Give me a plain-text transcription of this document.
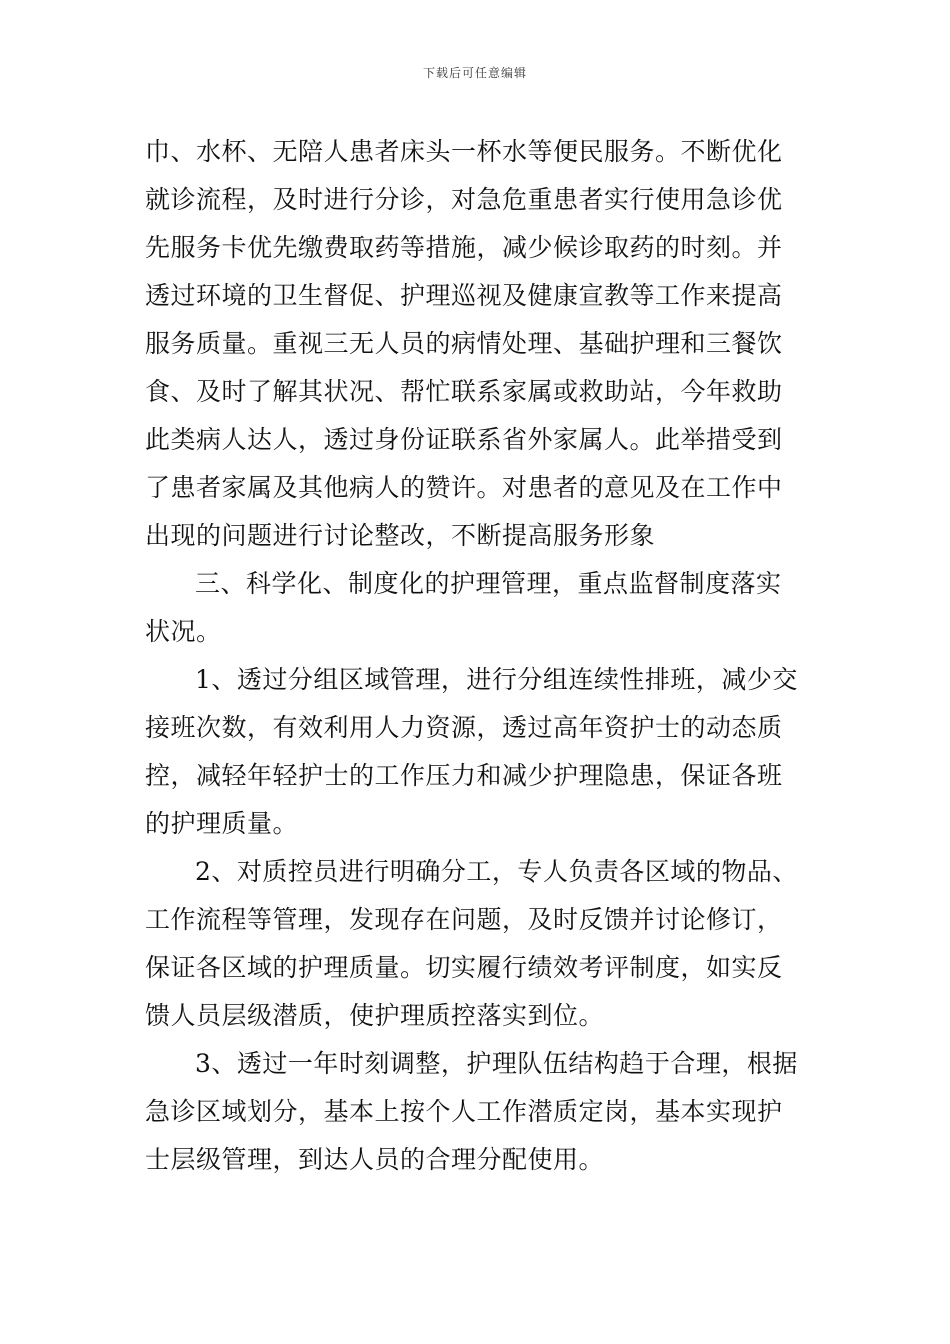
下载后可任意编辑
巾、水杯、无陪人患者床头一杯水等便民服务。不断优化
就诊流程，及时进行分诊，对急危重患者实行使用急诊优
先服务卡优先缴费取药等措施，减少候诊取药的时刻。并
透过环境的卫生督促、护理巡视及健康宣教等工作来提高
服务质量。重视三无人员的病情处理、基础护理和三餐饮
食、及时了解其状况、帮忙联系家属或救助站，今年救助
此类病人达人，透过身份证联系省外家属人。此举措受到
了患者家属及其他病人的赞许。对患者的意见及在工作中
出现的问题进行讨论整改，不断提高服务形象
三、科学化、制度化的护理管理，重点监督制度落实
状况。
1、透过分组区域管理，进行分组连续性排班，减少交
接班次数，有效利用人力资源，透过高年资护士的动态质
控，减轻年轻护士的工作压力和减少护理隐患，保证各班
的护理质量。
2、对质控员进行明确分工，专人负责各区域的物品、
工作流程等管理，发现存在问题，及时反馈并讨论修订，
保证各区域的护理质量。切实履行绩效考评制度，如实反
馈人员层级潜质，使护理质控落实到位。
3、透过一年时刻调整，护理队伍结构趋于合理，根据
急诊区域划分，基本上按个人工作潜质定岗，基本实现护
士层级管理，到达人员的合理分配使用。
